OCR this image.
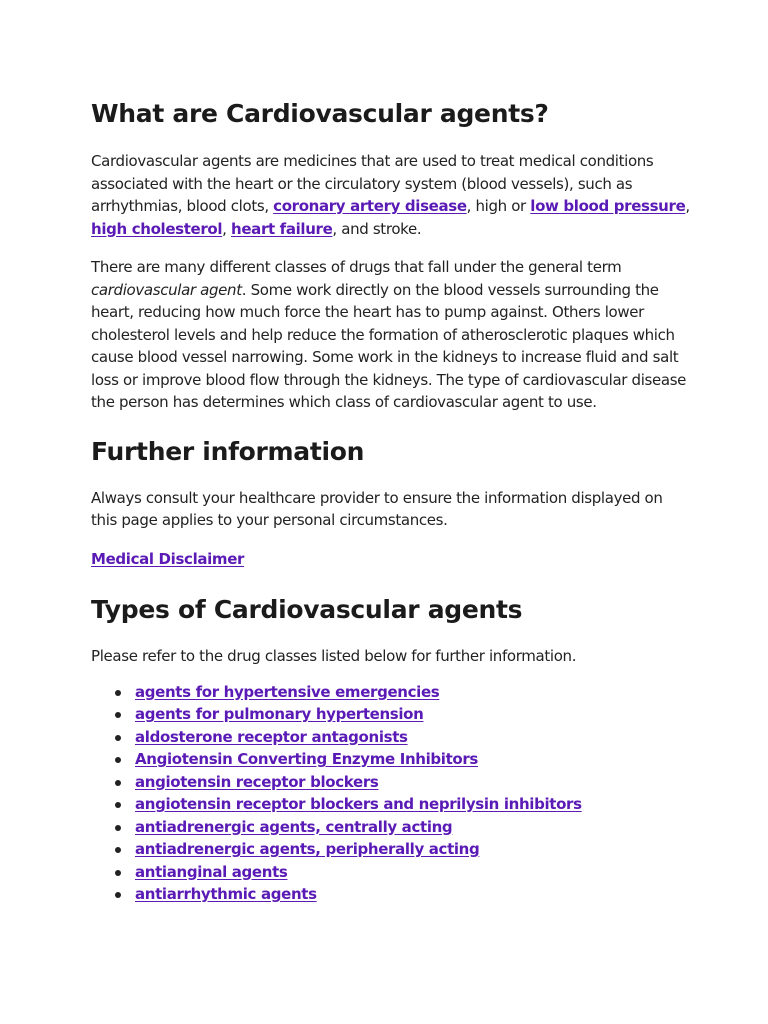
What are Cardiovascular agents?

Cardiovascular agents are medicines that are used to treat medical conditions associated with the heart or the circulatory system (blood vessels), such as arrhythmias, blood clots, coronary artery disease, high or low blood pressure, high cholesterol, heart failure, and stroke.

There are many different classes of drugs that fall under the general term cardiovascular agent. Some work directly on the blood vessels surrounding the heart, reducing how much force the heart has to pump against. Others lower cholesterol levels and help reduce the formation of atherosclerotic plaques which cause blood vessel narrowing. Some work in the kidneys to increase fluid and salt loss or improve blood flow through the kidneys. The type of cardiovascular disease the person has determines which class of cardiovascular agent to use.

Further information

Always consult your healthcare provider to ensure the information displayed on this page applies to your personal circumstances.

Medical Disclaimer

Types of Cardiovascular agents

Please refer to the drug classes listed below for further information.

agents for hypertensive emergencies
agents for pulmonary hypertension
aldosterone receptor antagonists
Angiotensin Converting Enzyme Inhibitors
angiotensin receptor blockers
angiotensin receptor blockers and neprilysin inhibitors
antiadrenergic agents, centrally acting
antiadrenergic agents, peripherally acting
antianginal agents
antiarrhythmic agents
